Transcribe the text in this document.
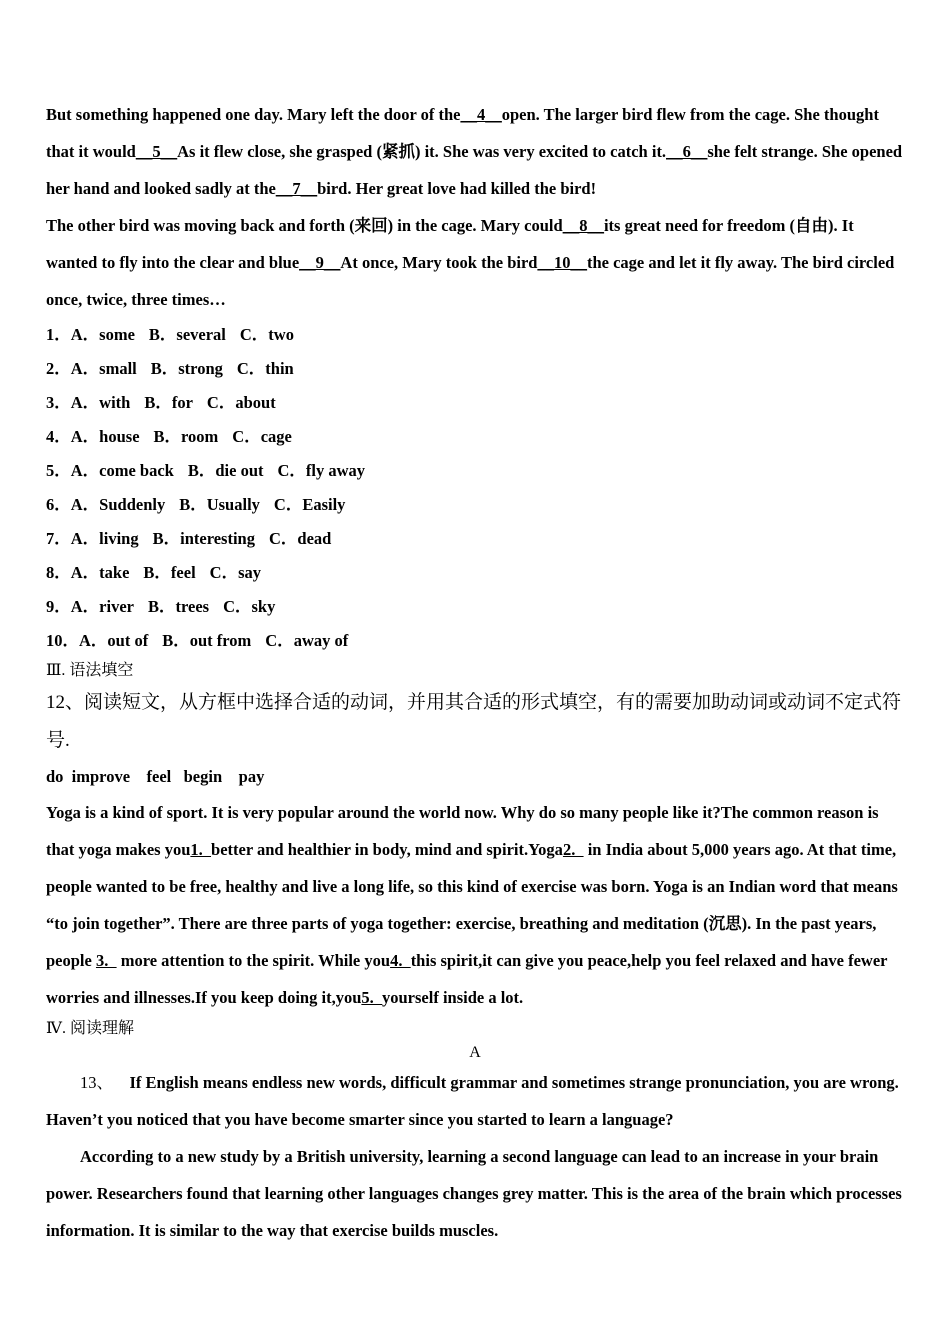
But something happened one day. Mary left the door of the__4__open. The larger bird flew from the cage. She thought that it would__5__As it flew close, she grasped (紧抓) it. She was very excited to catch it.__6__she felt strange. She opened her hand and looked sadly at the__7__bird. Her great love had killed the bird!

The other bird was moving back and forth (来回) in the cage. Mary could__8__its great need for freedom (自由). It wanted to fly into the clear and blue__9__At once, Mary took the bird__10__the cage and let it fly away. The bird circled once, twice, three times…

1．A．some B．several C．two

2．A．small B．strong C．thin

3．A．with B．for C．about

4．A．house B．room C．cage

5．A．come back B．die out C．fly away

6．A．Suddenly B．Usually C．Easily

7．A．living B．interesting C．dead

8．A．take B．feel C．say

9．A．river B．trees C．sky

10．A．out of B．out from C．away of

Ⅲ. 语法填空

12、阅读短文，从方框中选择合适的动词，并用其合适的形式填空，有的需要加助动词或动词不定式符号.

do  improve    feel   begin    pay

Yoga is a kind of sport. It is very popular around the world now. Why do so many people like it?The common reason is that yoga makes you1.  better and healthier in body, mind and spirit.Yoga2.   in India about 5,000 years ago. At that time, people wanted to be free, healthy and live a long life, so this kind of exercise was born. Yoga is an Indian word that means “to join together”. There are three parts of yoga together: exercise, breathing and meditation (沉思). In the past years, people 3.   more attention to the spirit. While you4.  this spirit,it can give you peace,help you feel relaxed and have fewer worries and illnesses.If you keep doing it,you5.  yourself inside a lot.

Ⅳ. 阅读理解

A

13、 If English means endless new words, difficult grammar and sometimes strange pronunciation, you are wrong. Haven’t you noticed that you have become smarter since you started to learn a language?

According to a new study by a British university, learning a second language can lead to an increase in your brain power. Researchers found that learning other languages changes grey matter. This is the area of the brain which processes information. It is similar to the way that exercise builds muscles.
